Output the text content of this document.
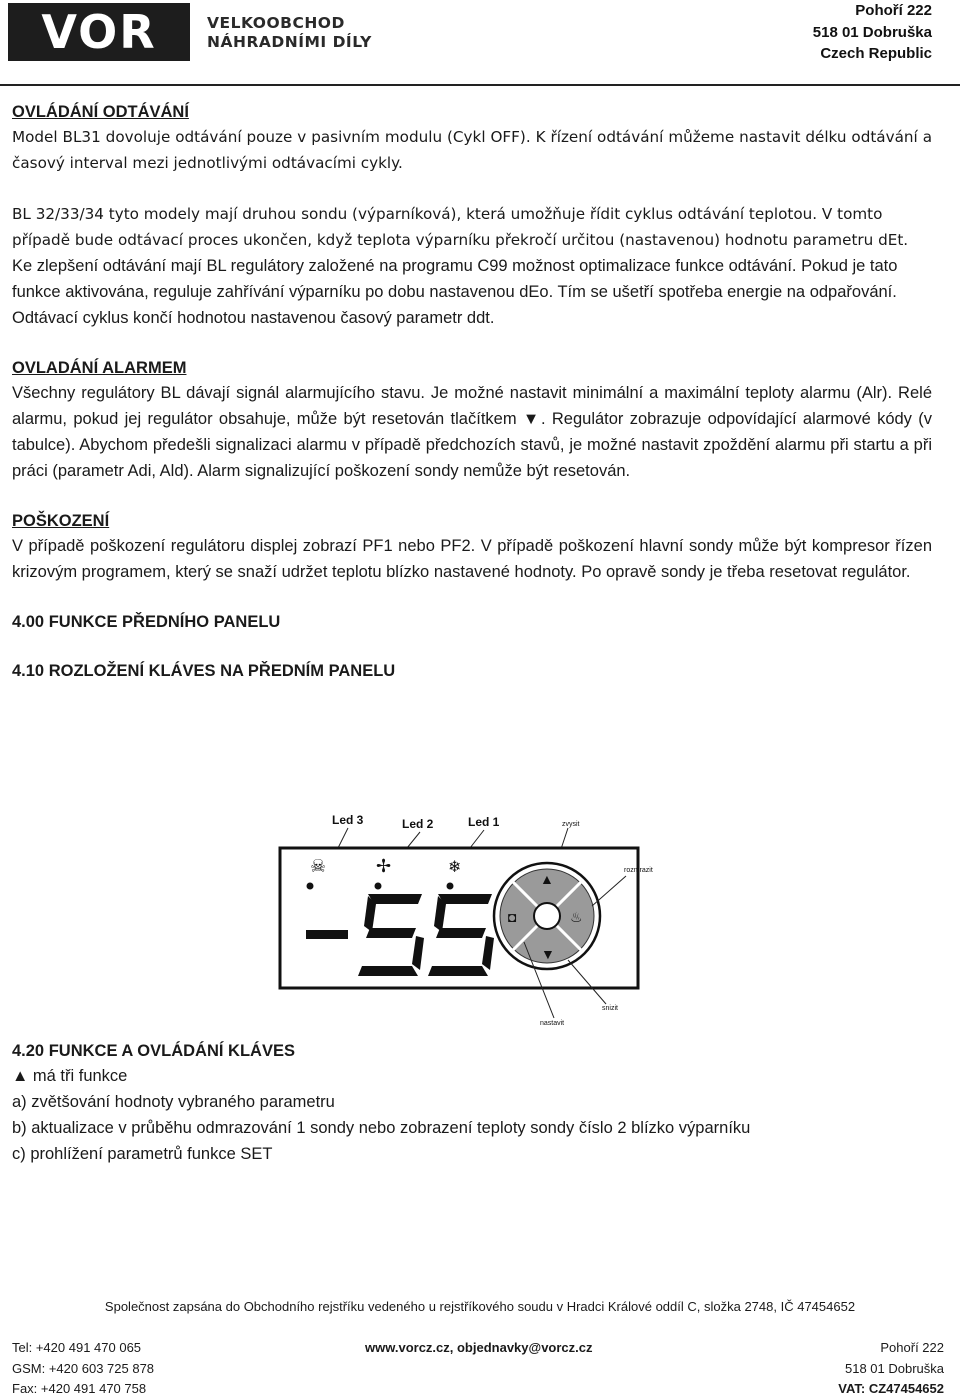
VOR	VELKOOBCHOD
NÁHRADNÍMI DÍLY
Pohoří 222
518 01 Dobruška
Czech Republic
OVLÁDÁNÍ ODTÁVÁNÍ
Model BL31 dovoluje odtávání pouze v pasivním modulu (Cykl OFF). K řízení odtávání můžeme nastavit délku odtávání a časový interval mezi jednotlivými odtávacími cykly.
BL 32/33/34 tyto modely mají druhou sondu (výparníková), která umožňuje řídit cyklus odtávání teplotou. V tomto případě bude odtávací proces ukončen, když teplota výparníku překročí určitou (nastavenou) hodnotu parametru dEt. Ke zlepšení odtávání mají BL regulátory založené na programu C99 možnost optimalizace funkce odtávání. Pokud je tato funkce aktivována, reguluje zahřívání výparníku po dobu nastavenou dEo. Tím se ušetří spotřeba energie na odpařování. Odtávací cyklus končí hodnotou nastavenou časový parametr ddt.
OVLADÁNÍ ALARMEM
Všechny regulátory BL dávají signál alarmujícího stavu. Je možné nastavit minimální a maximální teploty alarmu (Alr). Relé alarmu, pokud jej regulátor obsahuje, může být resetován tlačítkem ▼. Regulátor zobrazuje odpovídající alarmové kódy (v tabulce). Abychom předešli signalizaci alarmu v případě předchozích stavů, je možné nastavit zpoždění alarmu při startu a při práci (parametr Adi, Ald). Alarm signalizující poškození sondy nemůže být resetován.
POŠKOZENÍ
V případě poškození regulátoru displej zobrazí PF1 nebo PF2. V případě poškození hlavní sondy může být kompresor řízen krizovým programem, který se snaží udržet teplotu blízko nastavené hodnoty. Po opravě sondy je třeba resetovat regulátor.
4.00 FUNKCE PŘEDNÍHO PANELU
4.10 ROZLOŽENÍ KLÁVES NA PŘEDNÍM PANELU
Led 3	Led 2	Led 1	zvysit
☠	✢	❄
-55
▲
▼
◘	♨
rozmrazit
nastavit
snizit
4.20 FUNKCE A OVLÁDÁNÍ KLÁVES
▲ má tři funkce
a) zvětšování hodnoty vybraného parametru
b) aktualizace v průběhu odmrazování 1 sondy nebo zobrazení teploty sondy číslo 2 blízko výparníku
c) prohlížení parametrů funkce SET
Společnost zapsána do Obchodního rejstříku vedeného u rejstříkového soudu v Hradci Králové oddíl C, složka 2748, IČ 47454652
Tel: +420 491 470 065
GSM: +420 603 725 878
Fax: +420 491 470 758
www.vorcz.cz, objednavky@vorcz.cz	Pohoří 222
518 01 Dobruška
VAT: CZ47454652
